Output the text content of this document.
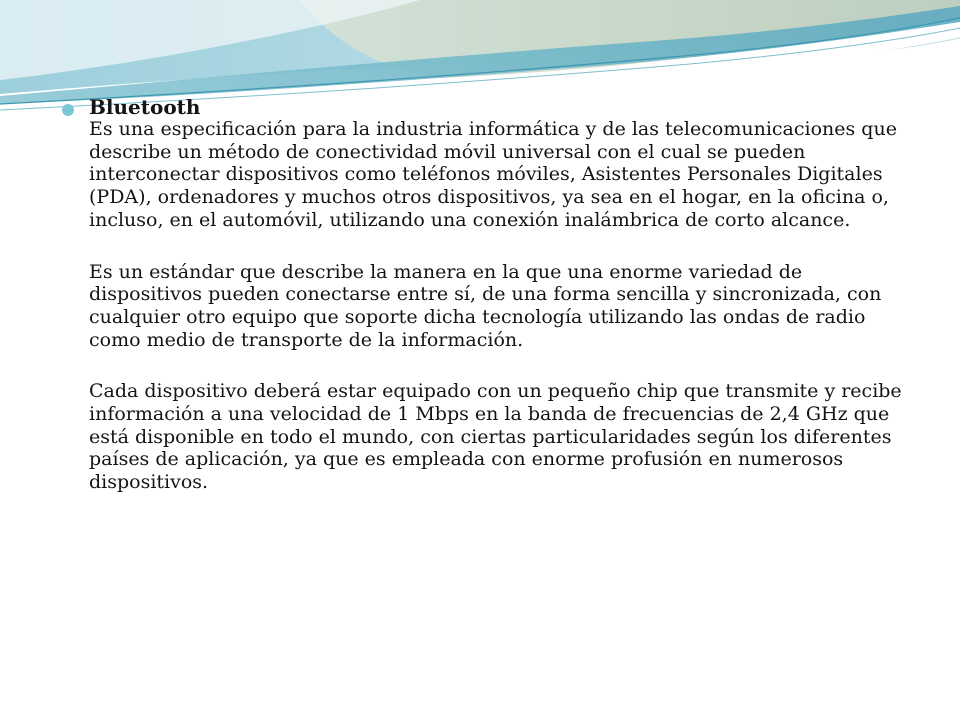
Bluetooth

Es una especificación para la industria informática y de las telecomunicaciones que describe un método de conectividad móvil universal con el cual se pueden interconectar dispositivos como teléfonos móviles, Asistentes Personales Digitales (PDA), ordenadores y muchos otros dispositivos, ya sea en el hogar, en la oficina o, incluso, en el automóvil, utilizando una conexión inalámbrica de corto alcance.

Es un estándar que describe la manera en la que una enorme variedad de dispositivos pueden conectarse entre sí, de una forma sencilla y sincronizada, con cualquier otro equipo que soporte dicha tecnología utilizando las ondas de radio como medio de transporte de la información.

Cada dispositivo deberá estar equipado con un pequeño chip que transmite y recibe información a una velocidad de 1 Mbps en la banda de frecuencias de 2,4 GHz que está disponible en todo el mundo, con ciertas particularidades según los diferentes países de aplicación, ya que es empleada con enorme profusión en numerosos dispositivos.
